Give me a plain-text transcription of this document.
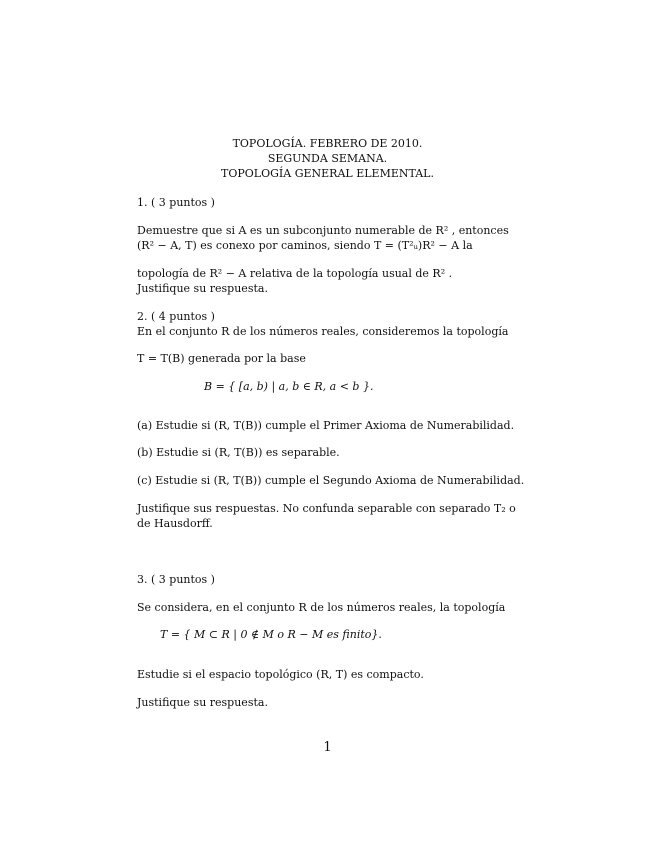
TOPOLOGÍA. FEBRERO DE 2010.
SEGUNDA SEMANA.
TOPOLOGÍA GENERAL ELEMENTAL.
1. ( 3 puntos )
Demuestre que si A es un subconjunto numerable de R² , entonces
(R² − A, T) es conexo por caminos, siendo T = (T²ᵤ)R² − A la
topología de R² − A relativa de la topología usual de R² .
Justifique su respuesta.
2. ( 4 puntos )
En el conjunto R de los números reales, consideremos la topología
T = T(B) generada por la base
B = { [a, b) | a, b ∈ R, a < b }.
(a) Estudie si (R, T(B)) cumple el Primer Axioma de Numerabilidad.
(b) Estudie si (R, T(B)) es separable.
(c) Estudie si (R, T(B)) cumple el Segundo Axioma de Numerabilidad.
Justifique sus respuestas. No confunda separable con separado T₂ o
de Hausdorff.
3. ( 3 puntos )
Se considera, en el conjunto R de los números reales, la topología
T = { M ⊂ R | 0 ∉ M o R − M es finito}.
Estudie si el espacio topológico (R, T) es compacto.
Justifique su respuesta.
1
